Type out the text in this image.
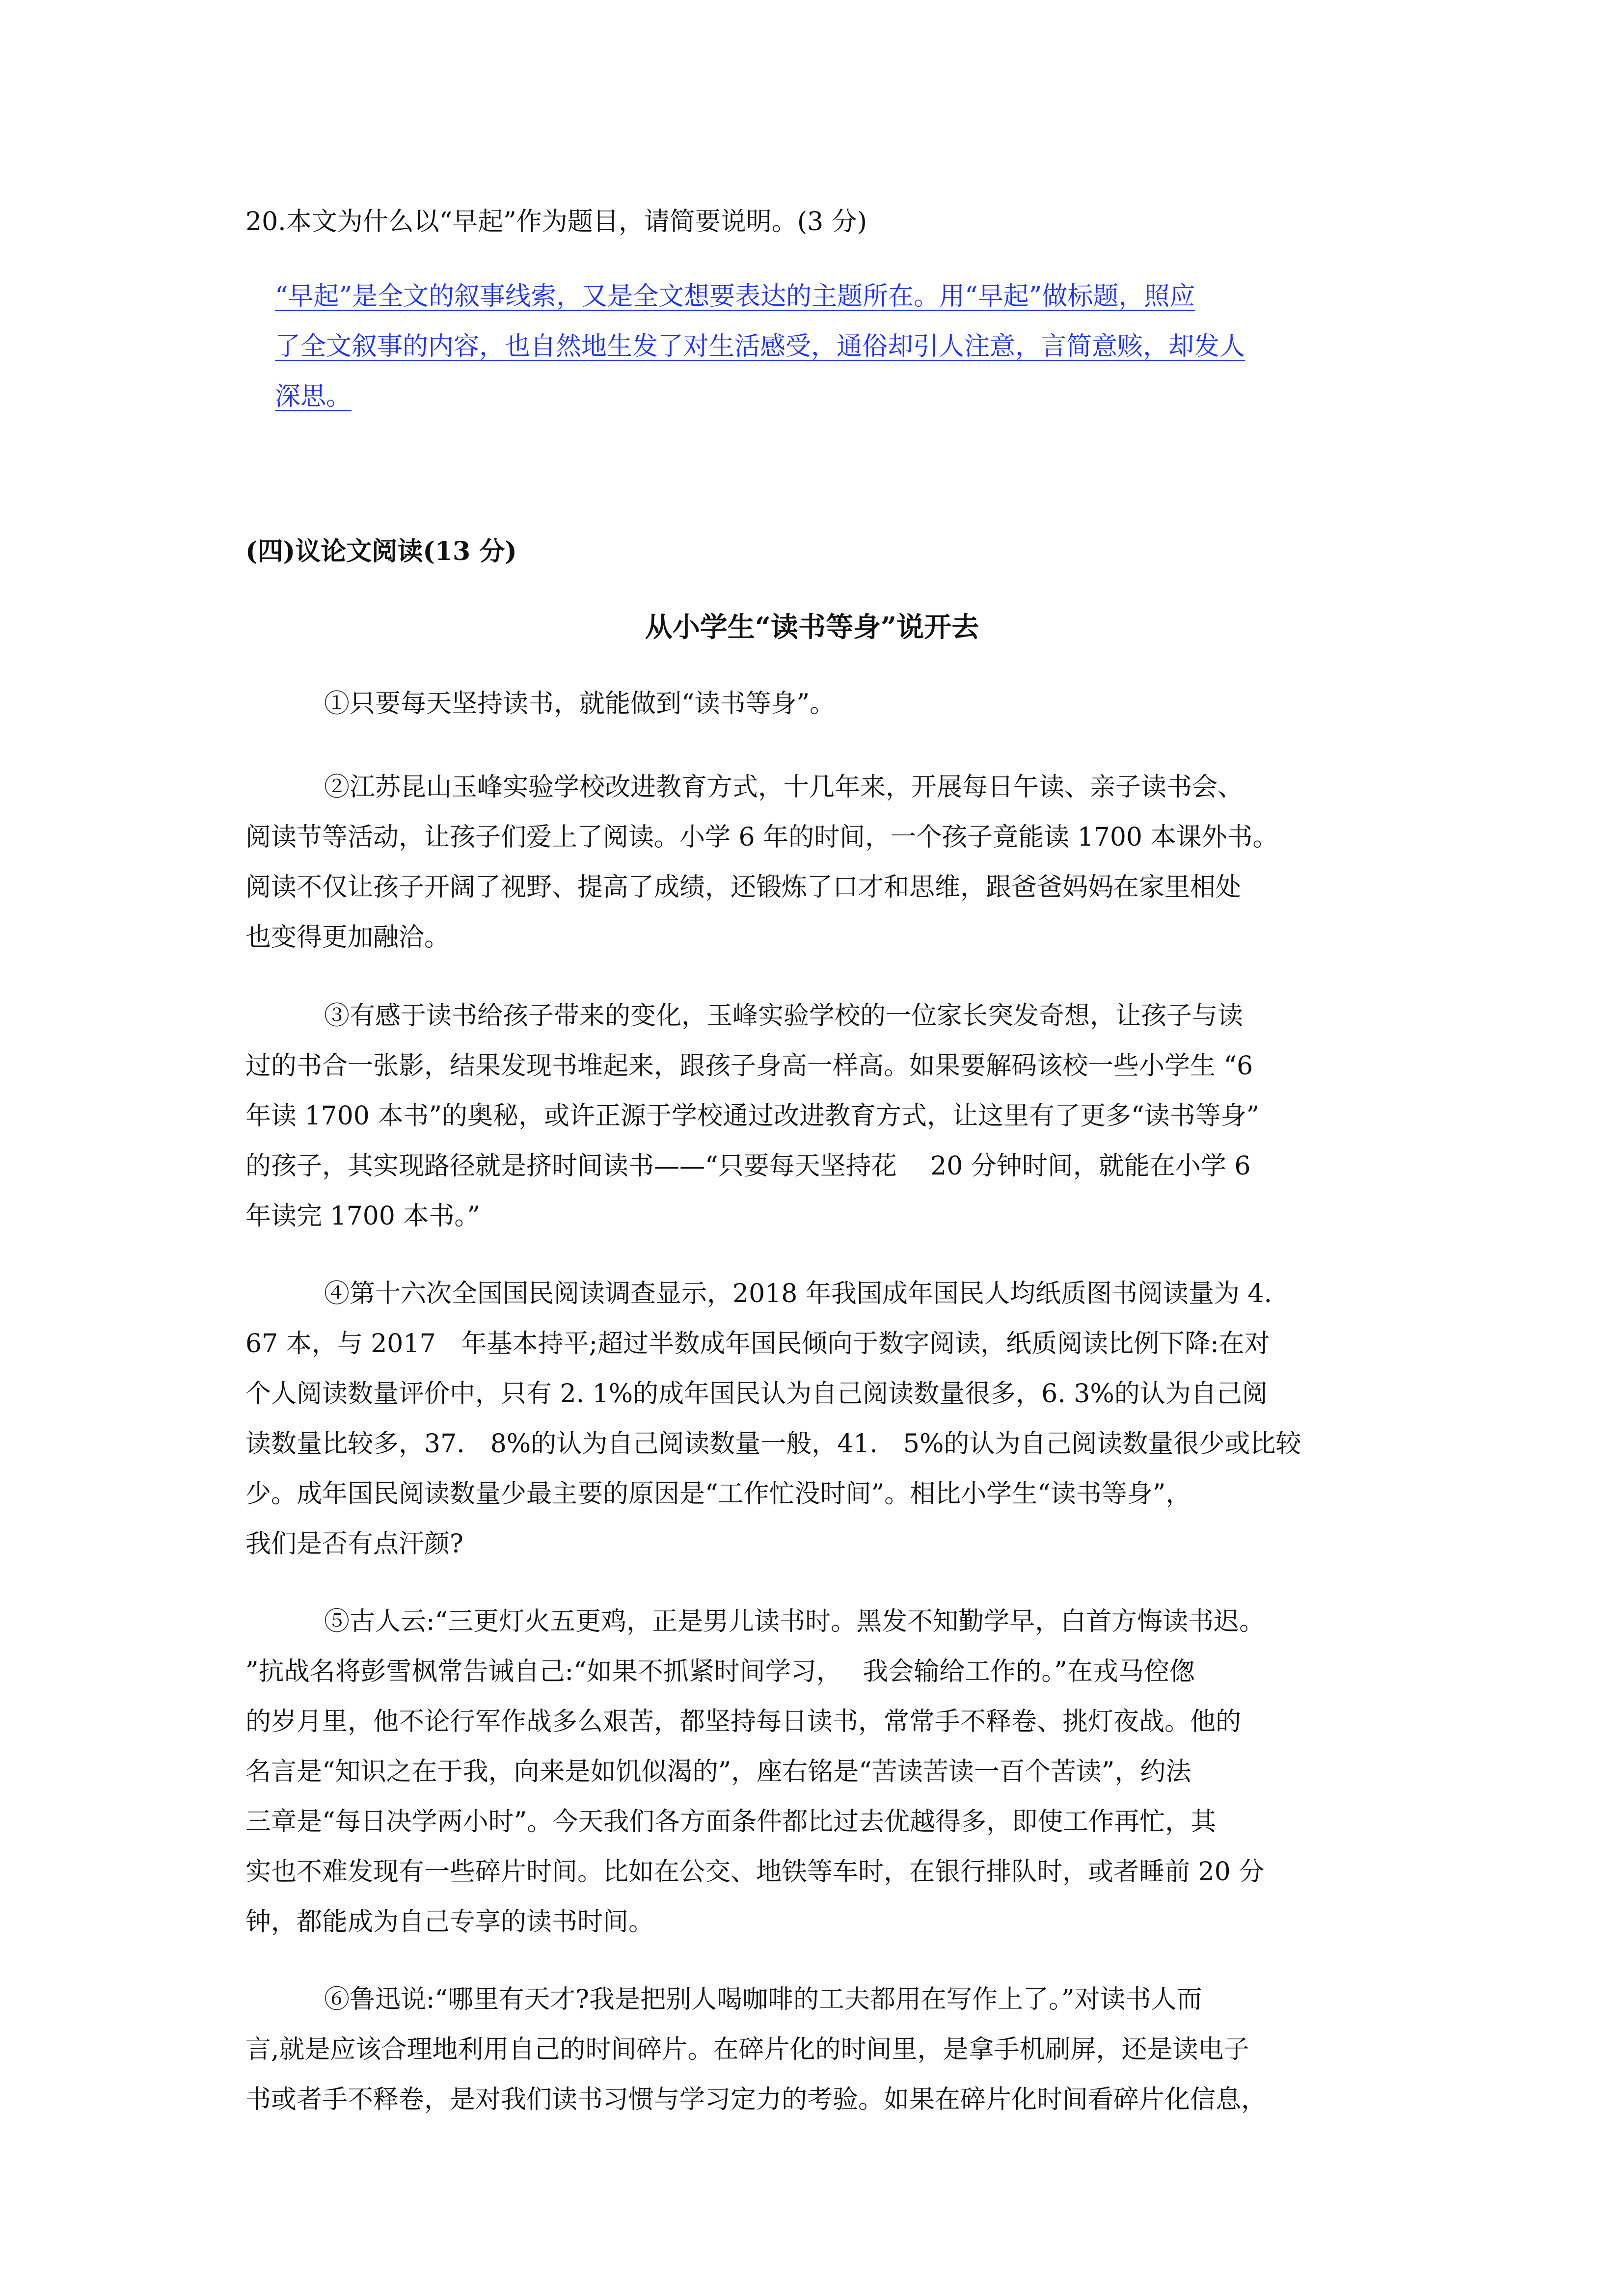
20.本文为什么以“早起”作为题目，请简要说明。(3 分)
“早起”是全文的叙事线索，又是全文想要表达的主题所在。用“早起”做标题，照应
了全文叙事的内容，也自然地生发了对生活感受，通俗却引人注意，言简意赅，却发人
深思。
(四)议论文阅读(13 分)
从小学生“读书等身”说开去
①只要每天坚持读书，就能做到“读书等身”。
②江苏昆山玉峰实验学校改进教育方式，十几年来，开展每日午读、亲子读书会、
阅读节等活动，让孩子们爱上了阅读。小学 6 年的时间，一个孩子竟能读 1700 本课外书。
阅读不仅让孩子开阔了视野、提高了成绩，还锻炼了口才和思维，跟爸爸妈妈在家里相处
也变得更加融洽。
③有感于读书给孩子带来的变化，玉峰实验学校的一位家长突发奇想，让孩子与读
过的书合一张影，结果发现书堆起来，跟孩子身高一样高。如果要解码该校一些小学生 “6
年读 1700 本书”的奥秘，或许正源于学校通过改进教育方式，让这里有了更多“读书等身”
的孩子，其实现路径就是挤时间读书——“只要每天坚持花　 20 分钟时间，就能在小学 6
年读完 1700 本书。”
④第十六次全国国民阅读调查显示，2018 年我国成年国民人均纸质图书阅读量为 4.
67 本，与 2017　年基本持平;超过半数成年国民倾向于数字阅读，纸质阅读比例下降:在对
个人阅读数量评价中，只有 2. 1%的成年国民认为自己阅读数量很多，6. 3%的认为自己阅
读数量比较多，37.　8%的认为自己阅读数量一般，41.　5%的认为自己阅读数量很少或比较
少。成年国民阅读数量少最主要的原因是“工作忙没时间”。相比小学生“读书等身”，
我们是否有点汗颜?
⑤古人云:“三更灯火五更鸡，正是男儿读书时。黑发不知勤学早，白首方悔读书迟。
”抗战名将彭雪枫常告诫自己:“如果不抓紧时间学习，　 我会输给工作的。”在戎马倥偬
的岁月里，他不论行军作战多么艰苦，都坚持每日读书，常常手不释卷、挑灯夜战。他的
名言是“知识之在于我，向来是如饥似渴的”，座右铭是“苦读苦读一百个苦读”，约法
三章是“每日决学两小时”。今天我们各方面条件都比过去优越得多，即使工作再忙，其
实也不难发现有一些碎片时间。比如在公交、地铁等车时，在银行排队时，或者睡前 20 分
钟，都能成为自己专享的读书时间。
⑥鲁迅说:“哪里有天才?我是把别人喝咖啡的工夫都用在写作上了。”对读书人而
言,就是应该合理地利用自己的时间碎片。在碎片化的时间里，是拿手机刷屏，还是读电子
书或者手不释卷，是对我们读书习惯与学习定力的考验。如果在碎片化时间看碎片化信息，
